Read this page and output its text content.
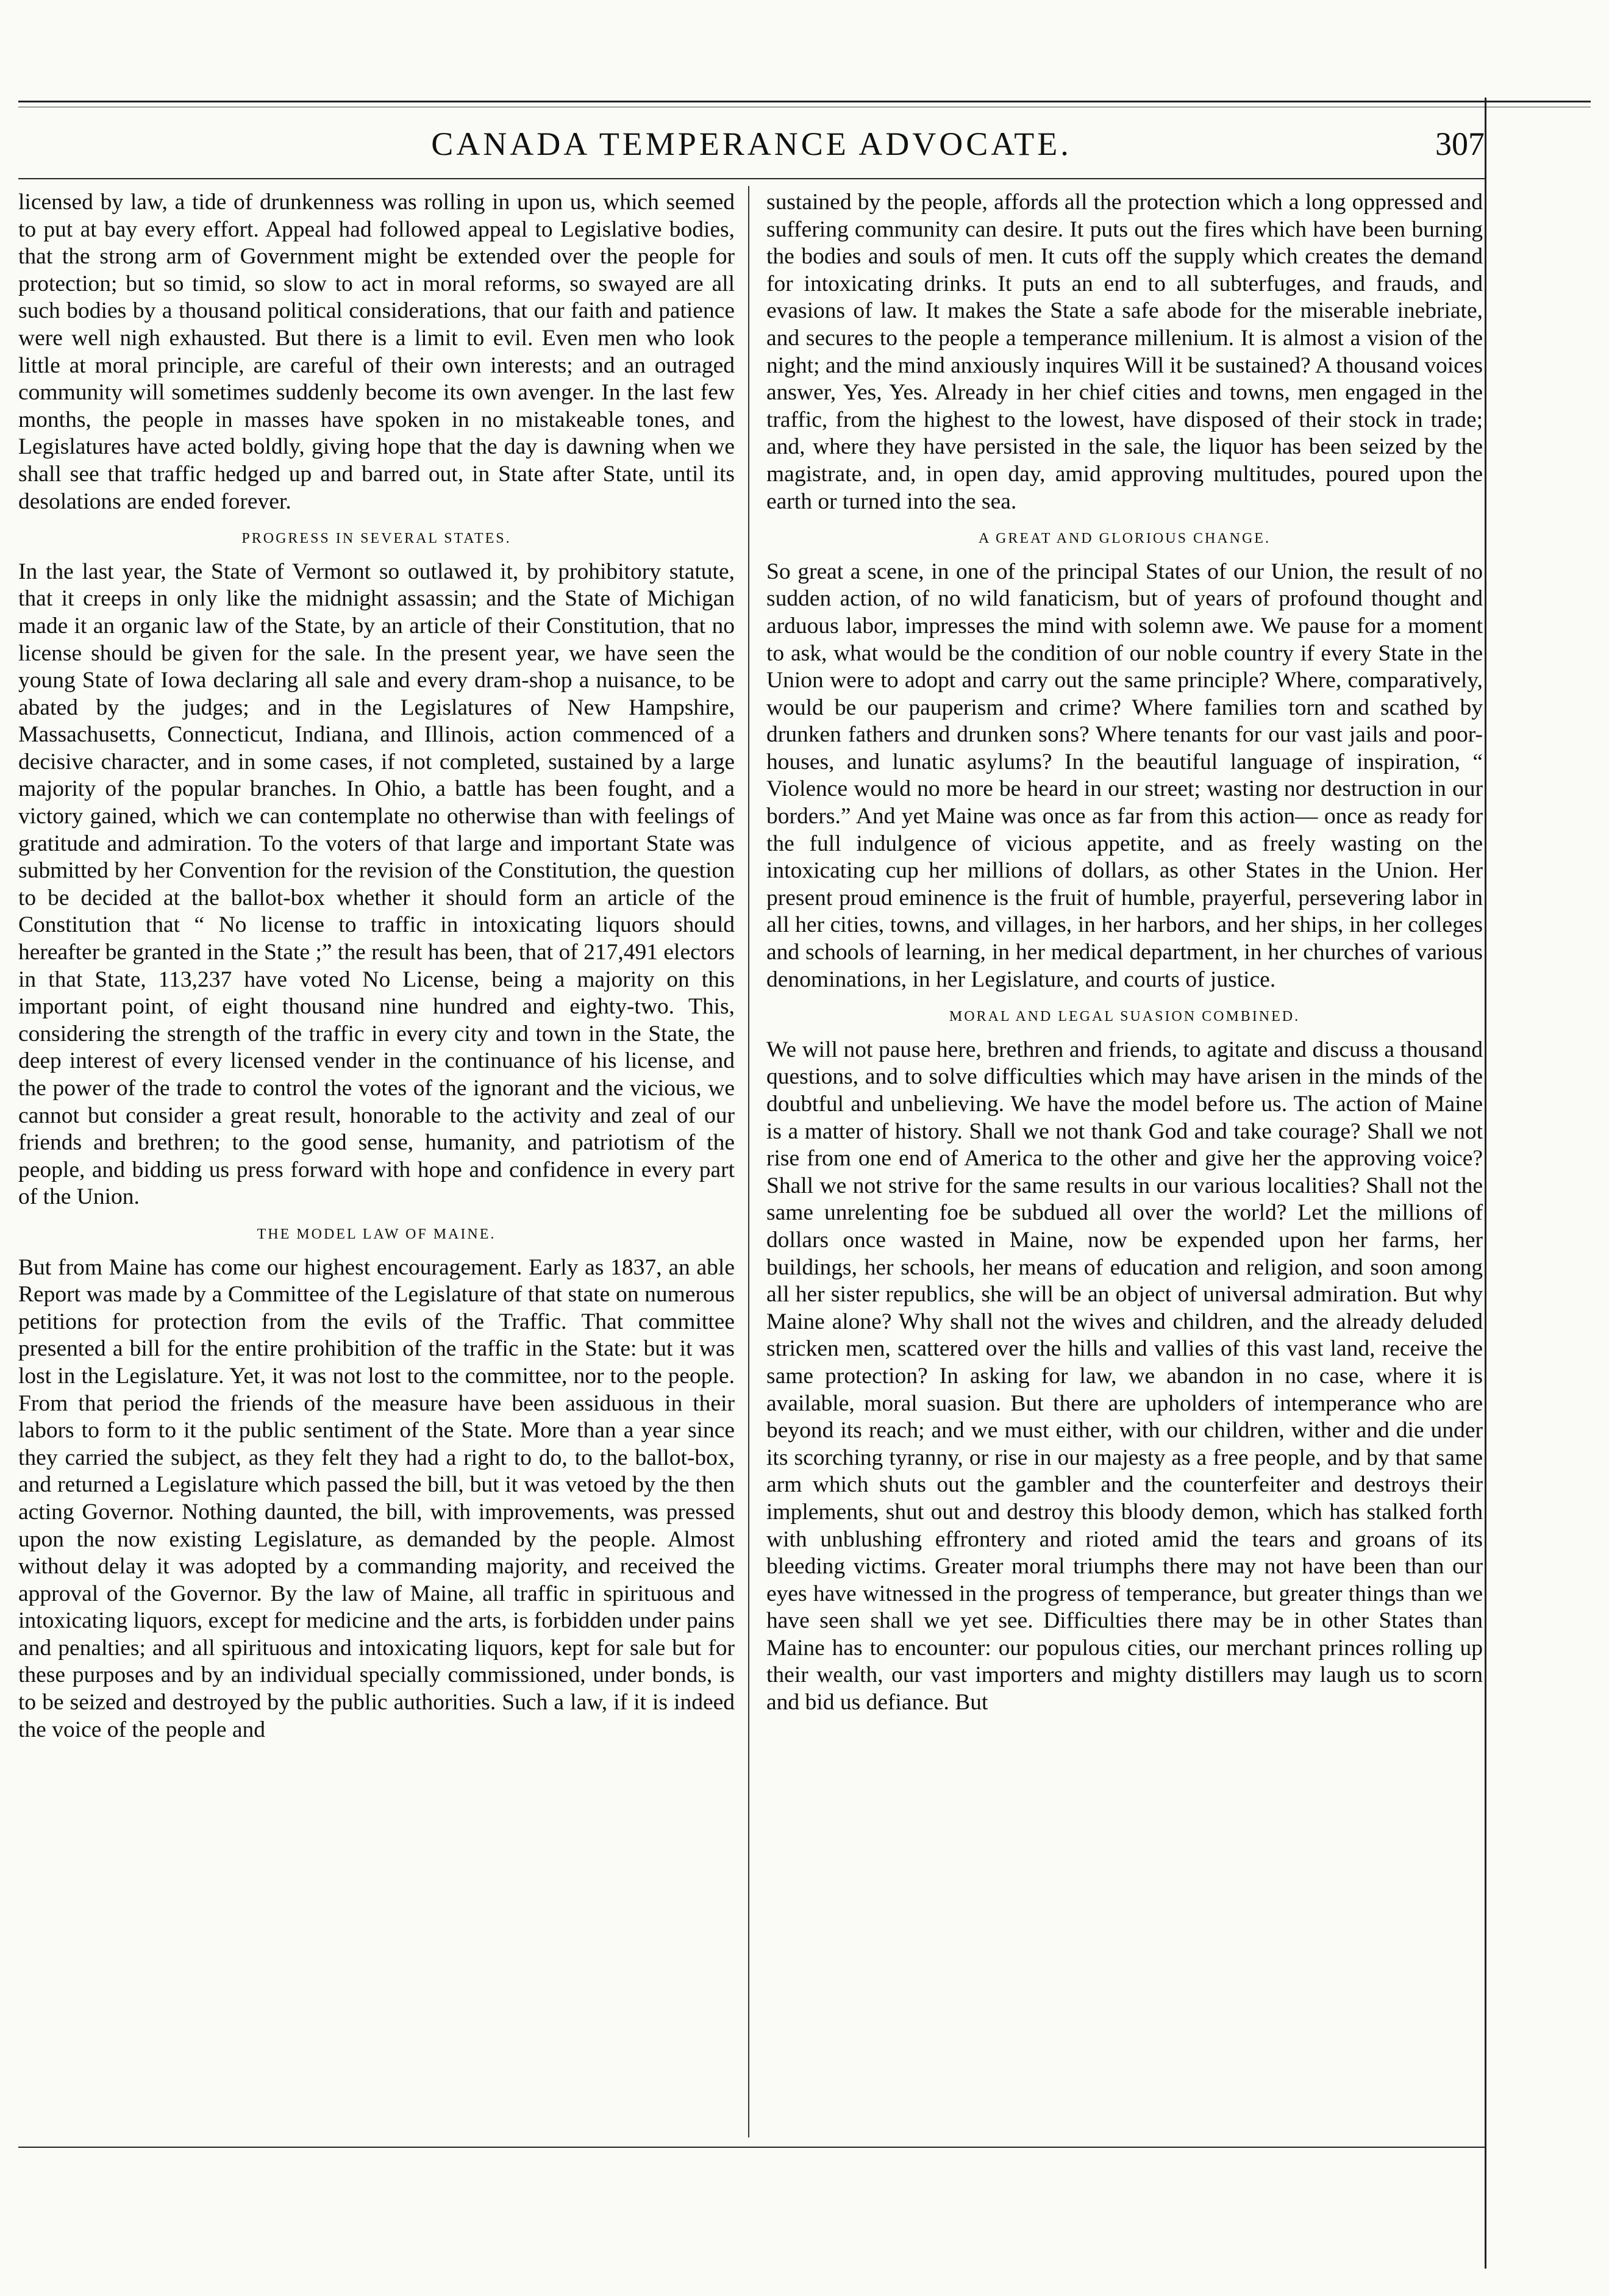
CANADA TEMPERANCE ADVOCATE.	307

licensed by law, a tide of drunkenness was rolling in upon us, which seemed to put at bay every effort. Appeal had followed appeal to Legislative bodies, that the strong arm of Government might be extended over the people for protection; but so timid, so slow to act in moral reforms, so swayed are all such bodies by a thousand political considerations, that our faith and patience were well nigh exhausted. But there is a limit to evil. Even men who look little at moral principle, are careful of their own interests; and an outraged community will sometimes suddenly become its own avenger. In the last few months, the people in masses have spoken in no mistakeable tones, and Legislatures have acted boldly, giving hope that the day is dawning when we shall see that traffic hedged up and barred out, in State after State, until its desolations are ended forever.

PROGRESS IN SEVERAL STATES.

In the last year, the State of Vermont so outlawed it, by prohibitory statute, that it creeps in only like the midnight assassin; and the State of Michigan made it an organic law of the State, by an article of their Constitution, that no license should be given for the sale. In the present year, we have seen the young State of Iowa declaring all sale and every dram-shop a nuisance, to be abated by the judges; and in the Legislatures of New Hampshire, Massachusetts, Connecticut, Indiana, and Illinois, action commenced of a decisive character, and in some cases, if not completed, sustained by a large majority of the popular branches. In Ohio, a battle has been fought, and a victory gained, which we can contemplate no otherwise than with feelings of gratitude and admiration. To the voters of that large and important State was submitted by her Convention for the revision of the Constitution, the question to be decided at the ballot-box whether it should form an article of the Constitution that “ No license to traffic in intoxicating liquors should hereafter be granted in the State ;” the result has been, that of 217,491 electors in that State, 113,237 have voted No License, being a majority on this important point, of eight thousand nine hundred and eighty-two. This, considering the strength of the traffic in every city and town in the State, the deep interest of every licensed vender in the continuance of his license, and the power of the trade to control the votes of the ignorant and the vicious, we cannot but consider a great result, honorable to the activity and zeal of our friends and brethren; to the good sense, humanity, and patriotism of the people, and bidding us press forward with hope and confidence in every part of the Union.

THE MODEL LAW OF MAINE.

But from Maine has come our highest encouragement. Early as 1837, an able Report was made by a Committee of the Legislature of that state on numerous petitions for protection from the evils of the Traffic. That committee presented a bill for the entire prohibition of the traffic in the State: but it was lost in the Legislature. Yet, it was not lost to the committee, nor to the people. From that period the friends of the measure have been assiduous in their labors to form to it the public sentiment of the State. More than a year since they carried the subject, as they felt they had a right to do, to the ballot-box, and returned a Legislature which passed the bill, but it was vetoed by the then acting Governor. Nothing daunted, the bill, with improvements, was pressed upon the now existing Legislature, as demanded by the people. Almost without delay it was adopted by a commanding majority, and received the approval of the Governor. By the law of Maine, all traffic in spirituous and intoxicating liquors, except for medicine and the arts, is forbidden under pains and penalties; and all spirituous and intoxicating liquors, kept for sale but for these purposes and by an individual specially commissioned, under bonds, is to be seized and destroyed by the public authorities. Such a law, if it is indeed the voice of the people and

sustained by the people, affords all the protection which a long oppressed and suffering community can desire. It puts out the fires which have been burning the bodies and souls of men. It cuts off the supply which creates the demand for intoxicating drinks. It puts an end to all subterfuges, and frauds, and evasions of law. It makes the State a safe abode for the miserable inebriate, and secures to the people a temperance millenium. It is almost a vision of the night; and the mind anxiously inquires Will it be sustained? A thousand voices answer, Yes, Yes. Already in her chief cities and towns, men engaged in the traffic, from the highest to the lowest, have disposed of their stock in trade; and, where they have persisted in the sale, the liquor has been seized by the magistrate, and, in open day, amid approving multitudes, poured upon the earth or turned into the sea.

A GREAT AND GLORIOUS CHANGE.

So great a scene, in one of the principal States of our Union, the result of no sudden action, of no wild fanaticism, but of years of profound thought and arduous labor, impresses the mind with solemn awe. We pause for a moment to ask, what would be the condition of our noble country if every State in the Union were to adopt and carry out the same principle? Where, comparatively, would be our pauperism and crime? Where families torn and scathed by drunken fathers and drunken sons? Where tenants for our vast jails and poor-houses, and lunatic asylums? In the beautiful language of inspiration, “ Violence would no more be heard in our street; wasting nor destruction in our borders.” And yet Maine was once as far from this action— once as ready for the full indulgence of vicious appetite, and as freely wasting on the intoxicating cup her millions of dollars, as other States in the Union. Her present proud eminence is the fruit of humble, prayerful, persevering labor in all her cities, towns, and villages, in her harbors, and her ships, in her colleges and schools of learning, in her medical department, in her churches of various denominations, in her Legislature, and courts of justice.

MORAL AND LEGAL SUASION COMBINED.

We will not pause here, brethren and friends, to agitate and discuss a thousand questions, and to solve difficulties which may have arisen in the minds of the doubtful and unbelieving. We have the model before us. The action of Maine is a matter of history. Shall we not thank God and take courage? Shall we not rise from one end of America to the other and give her the approving voice? Shall we not strive for the same results in our various localities? Shall not the same unrelenting foe be subdued all over the world? Let the millions of dollars once wasted in Maine, now be expended upon her farms, her buildings, her schools, her means of education and religion, and soon among all her sister republics, she will be an object of universal admiration. But why Maine alone? Why shall not the wives and children, and the already deluded stricken men, scattered over the hills and vallies of this vast land, receive the same protection? In asking for law, we abandon in no case, where it is available, moral suasion. But there are upholders of intemperance who are beyond its reach; and we must either, with our children, wither and die under its scorching tyranny, or rise in our majesty as a free people, and by that same arm which shuts out the gambler and the counterfeiter and destroys their implements, shut out and destroy this bloody demon, which has stalked forth with unblushing effrontery and rioted amid the tears and groans of its bleeding victims. Greater moral triumphs there may not have been than our eyes have witnessed in the progress of temperance, but greater things than we have seen shall we yet see. Difficulties there may be in other States than Maine has to encounter: our populous cities, our merchant princes rolling up their wealth, our vast importers and mighty distillers may laugh us to scorn and bid us defiance. But
